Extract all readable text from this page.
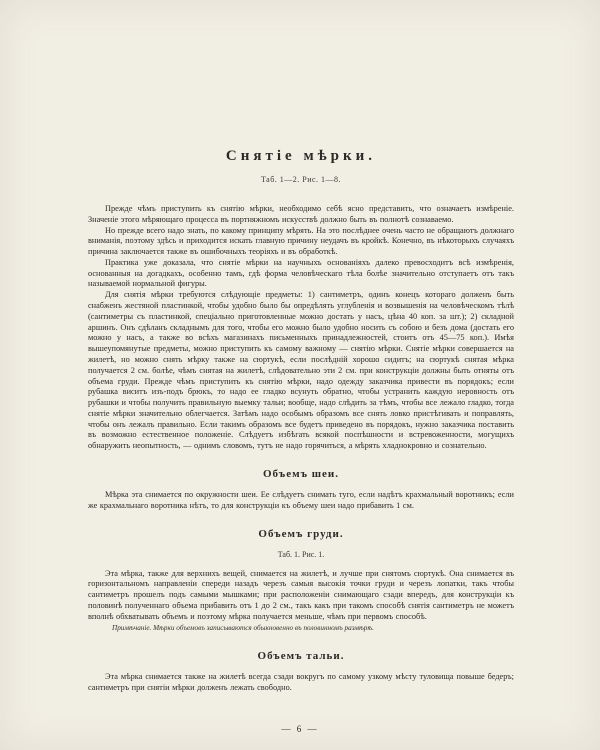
Снятіе мѣрки.
Таб. 1—2. Рис. 1—8.

Прежде чѣмъ приступить къ снятію мѣрки, необходимо себѣ ясно представить, что означаетъ измѣреніе. Значеніе этого мѣряющаго процесса въ портняжномъ искусствѣ должно быть въ полнотѣ сознаваемо.

Но прежде всего надо знать, по какому принципу мѣрять. На это послѣднее очень часто не обращаютъ должнаго вниманія, поэтому здѣсь и приходится искать главную причину неудачъ въ кройкѣ. Конечно, въ нѣкоторыхъ случаяхъ причина заключается также въ ошибочныхъ теоріяхъ и въ обработкѣ.

Практика уже доказала, что снятіе мѣрки на научныхъ основаніяхъ далеко превосходитъ всѣ измѣренія, основанныя на догадкахъ, особенно тамъ, гдѣ форма человѣческаго тѣла болѣе значительно отступаетъ отъ такъ называемой нормальной фигуры.

Для снятія мѣрки требуются слѣдующіе предметы: 1) сантиметръ, одинъ конецъ котораго долженъ быть снабженъ жестяной пластинкой, чтобы удобно было бы опредѣлять углубленія и возвышенія на человѣческомъ тѣлѣ (сантиметры съ пластинкой, спеціально приготовленные можно достать у насъ, цѣна 40 коп. за шт.); 2) складной аршинъ. Онъ сдѣланъ складнымъ для того, чтобы его можно было удобно носить съ собою и безъ дома (достать его можно у насъ, а также во всѣхъ магазинахъ письменныхъ принадлежностей, стоитъ отъ 45—75 коп.). Имѣя вышеупомянутые предметы, можно приступить къ самому важному — снятію мѣрки. Снятіе мѣрки совершается на жилетѣ, но можно снять мѣрку также на сюртукѣ, если послѣдній хорошо сидитъ; на сюртукѣ снятая мѣрка получается 2 см. болѣе, чѣмъ снятая на жилетѣ, слѣдовательно эти 2 см. при конструкціи должны быть отняты отъ объема груди. Прежде чѣмъ приступить къ снятію мѣрки, надо одежду заказчика привести въ порядокъ; если рубашка виситъ изъ-подъ брюкъ, то надо ее гладко всунуть обратно, чтобы устранить каждую неровность отъ рубашки и чтобы получить правильную выемку тальи; вообще, надо слѣдить за тѣмъ, чтобы все лежало гладко, тогда снятіе мѣрки значительно облегчается. Затѣмъ надо особымъ образомъ все снять ловко пристѣгивать и поправлять, чтобы онъ лежалъ правильно. Если такимъ образомъ все будетъ приведено въ порядокъ, нужно заказчика поставить въ возможно естественное положеніе. Слѣдуетъ избѣгать всякой поспѣшности и встревоженности, могущихъ обнаружить неопытность, — однимъ словомъ, тутъ не надо горячиться, а мѣрять хладнокровно и сознательно.

Объемъ шеи.

Мѣрка эта снимается по окружности шеи. Ее слѣдуетъ снимать туго, если надѣтъ крахмальный воротникъ; если же крахмальнаго воротника нѣтъ, то для конструкціи къ объему шеи надо прибавить 1 см.

Объемъ груди.
Таб. 1. Рис. 1.

Эта мѣрка, также для верхнихъ вещей, снимается на жилетѣ, и лучше при снятомъ сюртукѣ. Она снимается въ горизонтальномъ направленіи спереди назадъ черезъ самыя высокія точки груди и черезъ лопатки, такъ чтобы сантиметръ прошелъ подъ самыми мышками; при расположеніи снимающаго сзади впередъ, для конструкціи къ половинѣ полученнаго объема прибавить отъ 1 до 2 см., такъ какъ при такомъ способѣ снятія сантиметръ не можетъ вполнѣ обхватывать объемъ и поэтому мѣрка получается меньше, чѣмъ при первомъ способѣ.

Примѣчаніе. Мѣрки объемовъ записываются обыкновенно въ половинномъ размѣрѣ.

Объемъ тальи.

Эта мѣрка снимается также на жилетѣ всегда сзади вокругъ по самому узкому мѣсту туловища повыше бедеръ; сантиметръ при снятіи мѣрки долженъ лежать свободно.

— 6 —
